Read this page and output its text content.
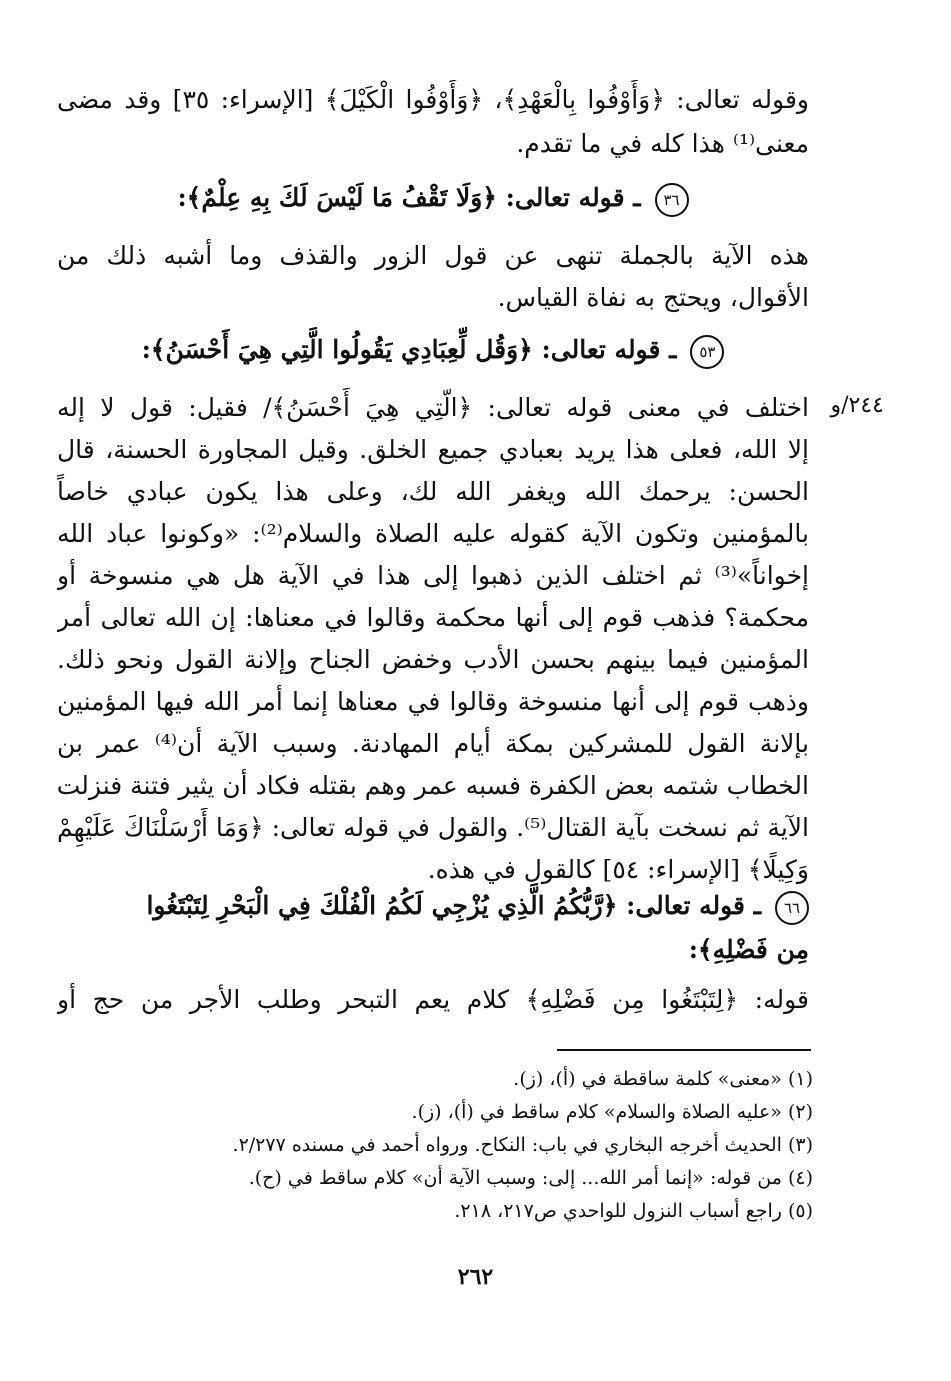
وقوله تعالى: ﴿وَأَوْفُوا بِالْعَهْدِ﴾، ﴿وَأَوْفُوا الْكَيْلَ﴾ [الإسراء: ٣٥] وقد مضى
معنى⁽¹⁾ هذا كله في ما تقدم.
٣٦ ـ قوله تعالى: ﴿وَلَا تَقْفُ مَا لَيْسَ لَكَ بِهِ عِلْمٌ﴾:
هذه الآية بالجملة تنهى عن قول الزور والقذف وما أشبه ذلك من
الأقوال، ويحتج به نفاة القياس.
٥٣ ـ قوله تعالى: ﴿وَقُل لِّعِبَادِي يَقُولُوا الَّتِي هِيَ أَحْسَنُ﴾:
٢٤٤/و
اختلف في معنى قوله تعالى: ﴿الَّتِي هِيَ أَحْسَنُ﴾/ فقيل: قول لا إله
إلا الله، فعلى هذا يريد بعبادي جميع الخلق. وقيل المجاورة الحسنة، قال
الحسن: يرحمك الله ويغفر الله لك، وعلى هذا يكون عبادي خاصاً
بالمؤمنين وتكون الآية كقوله عليه الصلاة والسلام⁽²⁾: «وكونوا عباد الله
إخواناً»⁽³⁾ ثم اختلف الذين ذهبوا إلى هذا في الآية هل هي منسوخة أو
محكمة؟ فذهب قوم إلى أنها محكمة وقالوا في معناها: إن الله تعالى أمر
المؤمنين فيما بينهم بحسن الأدب وخفض الجناح وإلانة القول ونحو ذلك.
وذهب قوم إلى أنها منسوخة وقالوا في معناها إنما أمر الله فيها المؤمنين
بإلانة القول للمشركين بمكة أيام المهادنة. وسبب الآية أن⁽⁴⁾ عمر بن
الخطاب شتمه بعض الكفرة فسبه عمر وهم بقتله فكاد أن يثير فتنة فنزلت
الآية ثم نسخت بآية القتال⁽⁵⁾. والقول في قوله تعالى: ﴿وَمَا أَرْسَلْنَاكَ عَلَيْهِمْ
وَكِيلًا﴾ [الإسراء: ٥٤] كالقول في هذه.
٦٦ ـ قوله تعالى: ﴿رَّبُّكُمُ الَّذِي يُزْجِي لَكُمُ الْفُلْكَ فِي الْبَحْرِ لِتَبْتَغُوا
مِن فَضْلِهِ﴾:
قوله: ﴿لِتَبْتَغُوا مِن فَضْلِهِ﴾ كلام يعم التبحر وطلب الأجر من حج أو
(١) «معنى» كلمة ساقطة في (أ)، (ز).
(٢) «عليه الصلاة والسلام» كلام ساقط في (أ)، (ز).
(٣) الحديث أخرجه البخاري في باب: النكاح. ورواه أحمد في مسنده ٢/٢٧٧.
(٤) من قوله: «إنما أمر الله... إلى: وسبب الآية أن» كلام ساقط في (ح).
(٥) راجع أسباب النزول للواحدي ص٢١٧، ٢١٨.
٢٦٢
